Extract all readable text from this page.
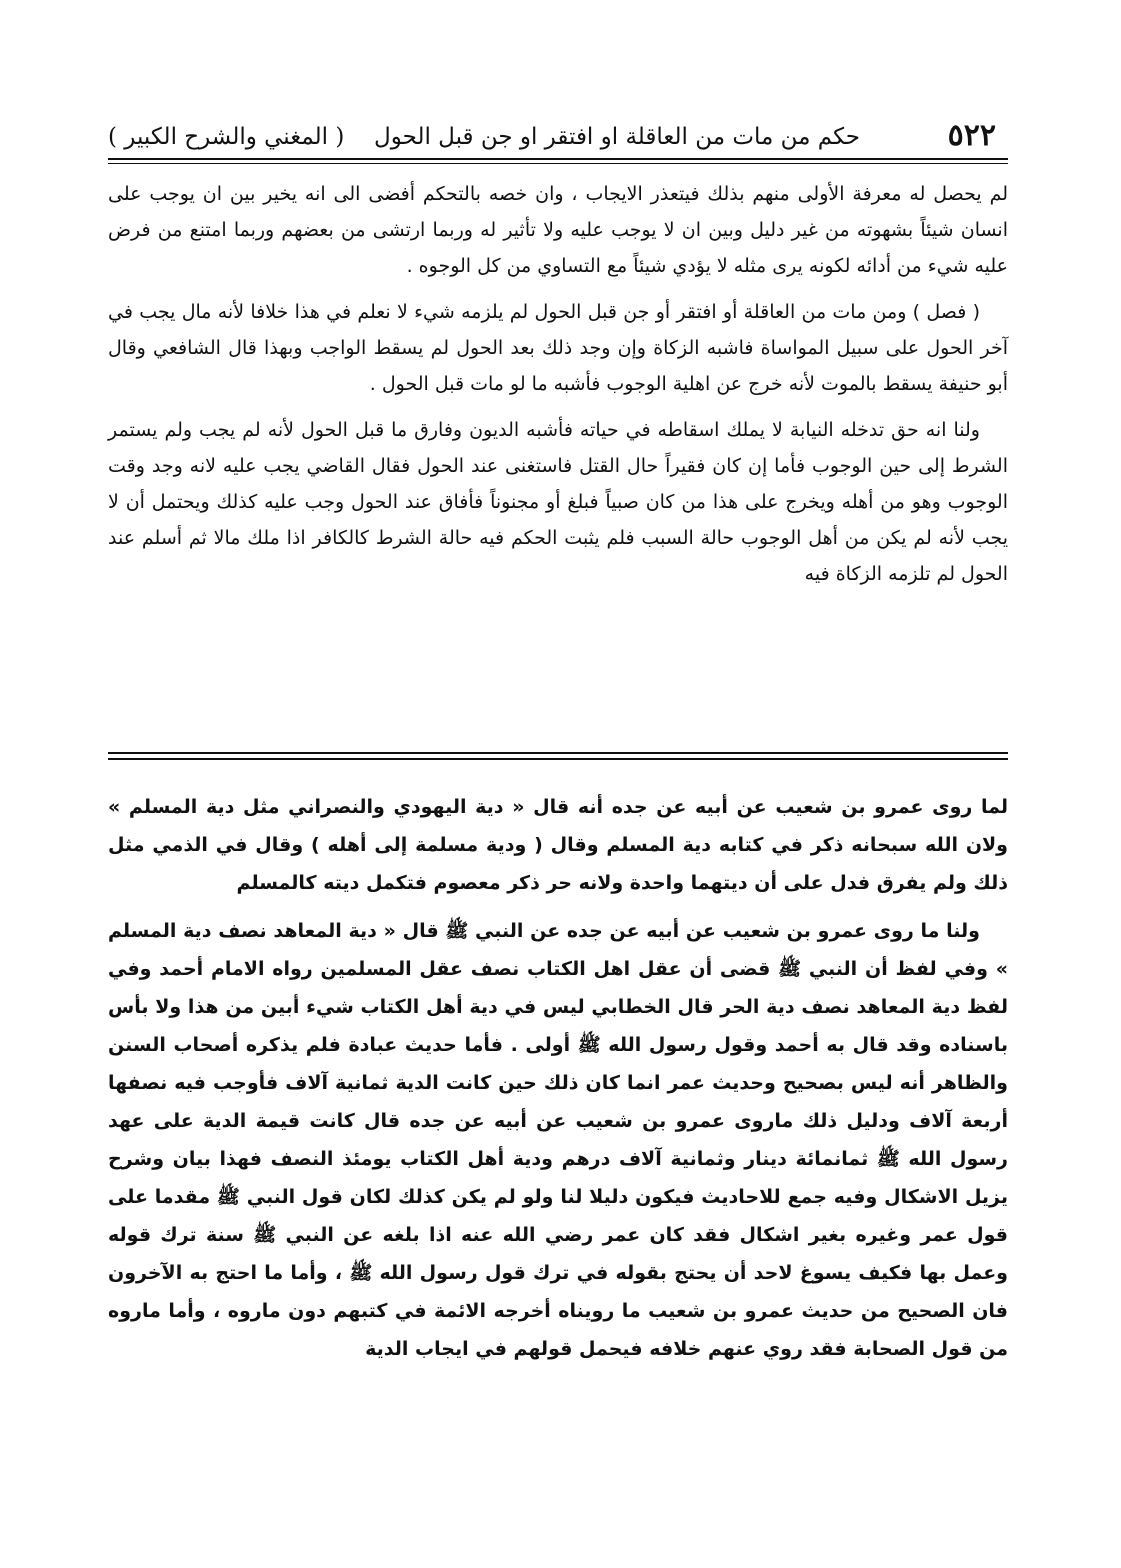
٥٢٢
حكم من مات من العاقلة او افتقر او جن قبل الحول
( المغني والشرح الكبير )

لم يحصل له معرفة الأولى منهم بذلك فيتعذر الايجاب ، وان خصه بالتحكم أفضى الى انه يخير بين ان يوجب على انسان شيئاً بشهوته من غير دليل وبين ان لا يوجب عليه ولا تأثير له وربما ارتشى من بعضهم وربما امتنع من فرض عليه شيء من أدائه لكونه يرى مثله لا يؤدي شيئاً مع التساوي من كل الوجوه .

( فصل ) ومن مات من العاقلة أو افتقر أو جن قبل الحول لم يلزمه شيء لا نعلم في هذا خلافا لأنه مال يجب في آخر الحول على سبيل المواساة فاشبه الزكاة وإن وجد ذلك بعد الحول لم يسقط الواجب وبهذا قال الشافعي وقال أبو حنيفة يسقط بالموت لأنه خرج عن اهلية الوجوب فأشبه ما لو مات قبل الحول .

ولنا انه حق تدخله النيابة لا يملك اسقاطه في حياته فأشبه الديون وفارق ما قبل الحول لأنه لم يجب ولم يستمر الشرط إلى حين الوجوب فأما إن كان فقيراً حال القتل فاستغنى عند الحول فقال القاضي يجب عليه لانه وجد وقت الوجوب وهو من أهله ويخرج على هذا من كان صبياً فبلغ أو مجنوناً فأفاق عند الحول وجب عليه كذلك ويحتمل أن لا يجب لأنه لم يكن من أهل الوجوب حالة السبب فلم يثبت الحكم فيه حالة الشرط كالكافر اذا ملك مالا ثم أسلم عند الحول لم تلزمه الزكاة فيه

لما روى عمرو بن شعيب عن أبيه عن جده أنه قال « دية اليهودي والنصراني مثل دية المسلم » ولان الله سبحانه ذكر في كتابه دية المسلم وقال ( ودية مسلمة إلى أهله ) وقال في الذمي مثل ذلك ولم يفرق فدل على أن ديتهما واحدة ولانه حر ذكر معصوم فتكمل ديته كالمسلم

ولنا ما روى عمرو بن شعيب عن أبيه عن جده عن النبي ﷺ قال « دية المعاهد نصف دية المسلم » وفي لفظ أن النبي ﷺ قضى أن عقل اهل الكتاب نصف عقل المسلمين رواه الامام أحمد وفي لفظ دية المعاهد نصف دية الحر قال الخطابي ليس في دية أهل الكتاب شيء أبين من هذا ولا بأس باسناده وقد قال به أحمد وقول رسول الله ﷺ أولى . فأما حديث عبادة فلم يذكره أصحاب السنن والظاهر أنه ليس بصحيح وحديث عمر انما كان ذلك حين كانت الدية ثمانية آلاف فأوجب فيه نصفها أربعة آلاف ودليل ذلك ماروى عمرو بن شعيب عن أبيه عن جده قال كانت قيمة الدية على عهد رسول الله ﷺ ثمانمائة دينار وثمانية آلاف درهم ودية أهل الكتاب يومئذ النصف فهذا بيان وشرح يزيل الاشكال وفيه جمع للاحاديث فيكون دليلا لنا ولو لم يكن كذلك لكان قول النبي ﷺ مقدما على قول عمر وغيره بغير اشكال فقد كان عمر رضي الله عنه اذا بلغه عن النبي ﷺ سنة ترك قوله وعمل بها فكيف يسوغ لاحد أن يحتج بقوله في ترك قول رسول الله ﷺ ، وأما ما احتج به الآخرون فان الصحيح من حديث عمرو بن شعيب ما رويناه أخرجه الائمة في كتبهم دون ماروه ، وأما ماروه من قول الصحابة فقد روي عنهم خلافه فيحمل قولهم في ايجاب الدية
